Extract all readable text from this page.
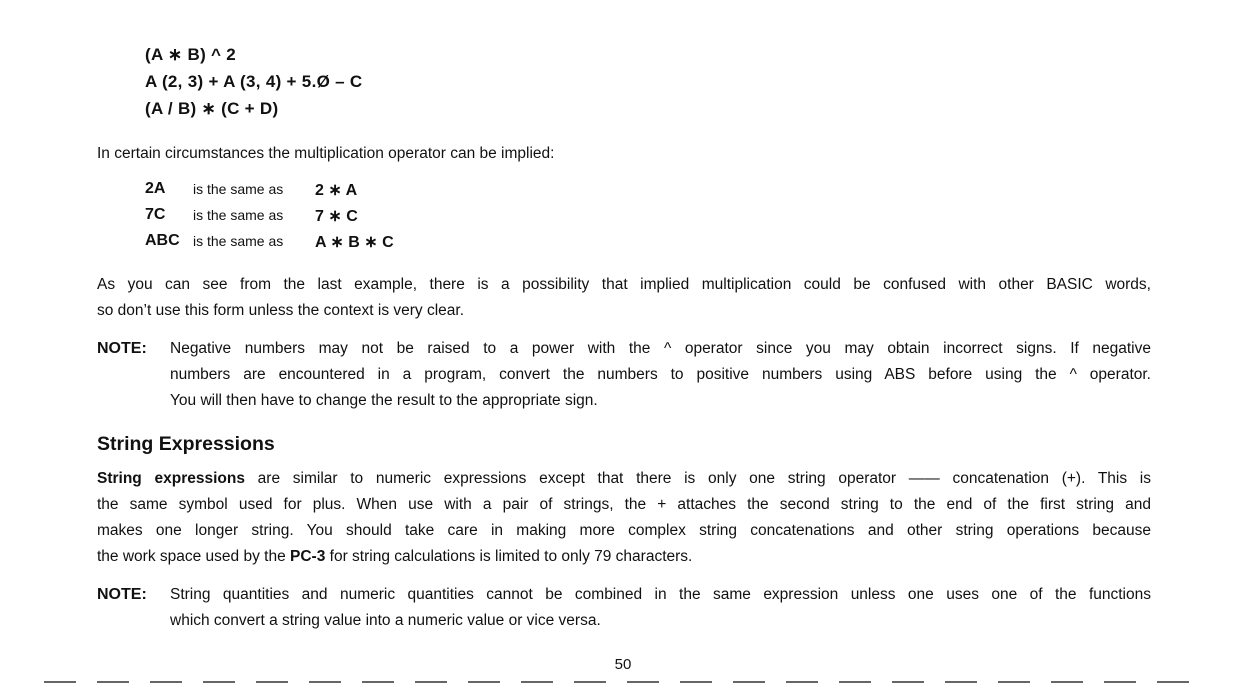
(A ∗ B) ^ 2
A (2, 3) + A (3, 4) + 5.Ø – C
(A / B) ∗ (C + D)
In certain circumstances the multiplication operator can be implied:
2A is the same as 2 ∗ A
7C is the same as 7 ∗ C
ABC is the same as A ∗ B ∗ C
As you can see from the last example, there is a possibility that implied multiplication could be confused with other BASIC words,
so don’t use this form unless the context is very clear.
NOTE: Negative numbers may not be raised to a power with the ^ operator since you may obtain incorrect signs. If negative
numbers are encountered in a program, convert the numbers to positive numbers using ABS before using the ^ operator.
You will then have to change the result to the appropriate sign.
String Expressions
String expressions are similar to numeric expressions except that there is only one string operator —— concatenation (+). This is
the same symbol used for plus. When use with a pair of strings, the + attaches the second string to the end of the first string and
makes one longer string. You should take care in making more complex string concatenations and other string operations because
the work space used by the PC-3 for string calculations is limited to only 79 characters.
NOTE: String quantities and numeric quantities cannot be combined in the same expression unless one uses one of the functions
which convert a string value into a numeric value or vice versa.
50
